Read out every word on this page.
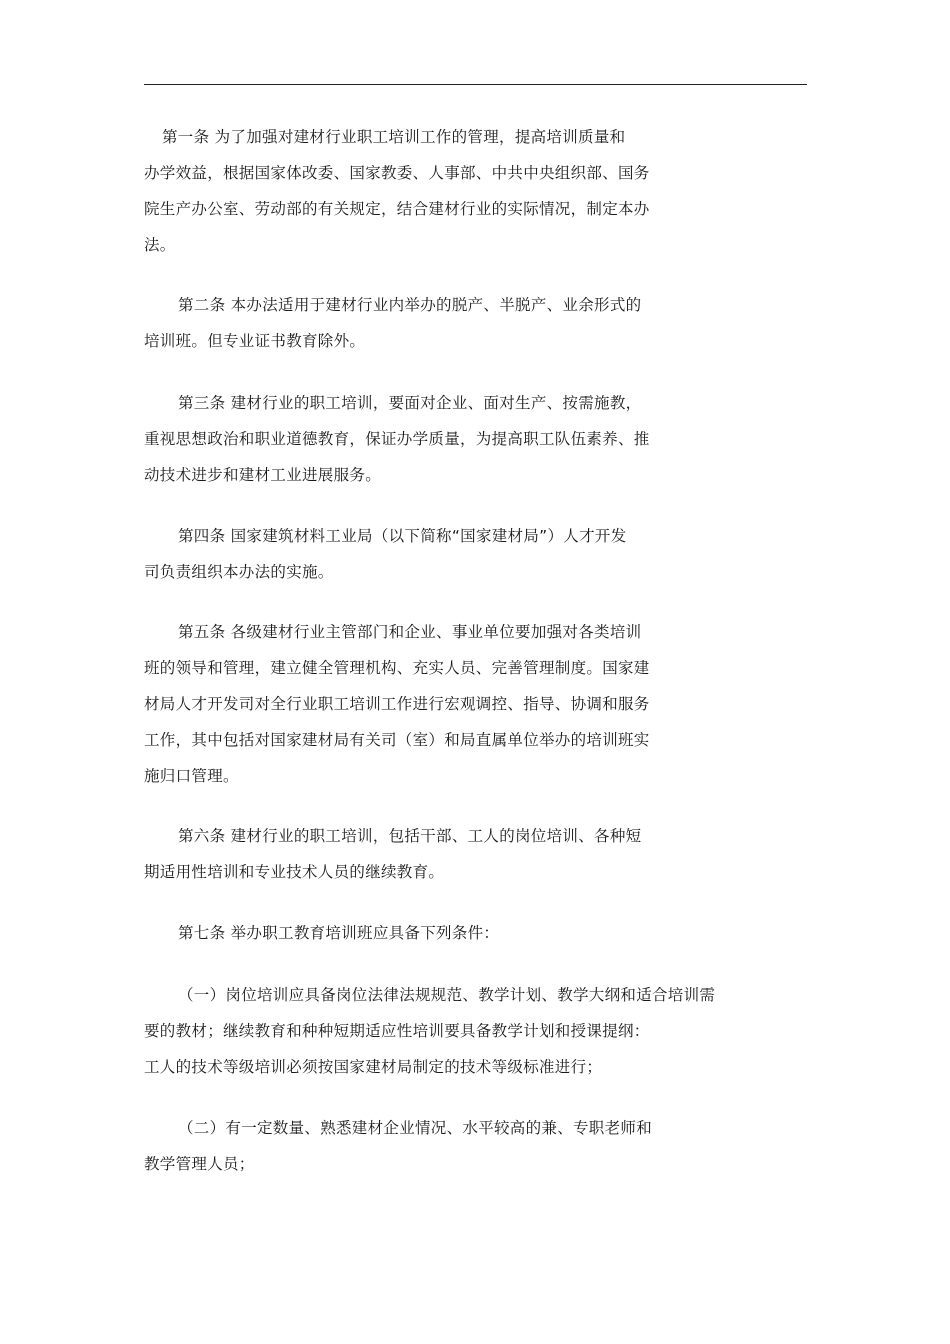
第一条 为了加强对建材行业职工培训工作的管理，提高培训质量和
办学效益，根据国家体改委、国家教委、人事部、中共中央组织部、国务
院生产办公室、劳动部的有关规定，结合建材行业的实际情况，制定本办
法。
第二条 本办法适用于建材行业内举办的脱产、半脱产、业余形式的
培训班。但专业证书教育除外。
第三条 建材行业的职工培训，要面对企业、面对生产、按需施教，
重视思想政治和职业道德教育，保证办学质量，为提高职工队伍素养、推
动技术进步和建材工业进展服务。
第四条 国家建筑材料工业局（以下简称“国家建材局”）人才开发
司负责组织本办法的实施。
第五条 各级建材行业主管部门和企业、事业单位要加强对各类培训
班的领导和管理，建立健全管理机构、充实人员、完善管理制度。国家建
材局人才开发司对全行业职工培训工作进行宏观调控、指导、协调和服务
工作，其中包括对国家建材局有关司（室）和局直属单位举办的培训班实
施归口管理。
第六条 建材行业的职工培训，包括干部、工人的岗位培训、各种短
期适用性培训和专业技术人员的继续教育。
第七条 举办职工教育培训班应具备下列条件：
（一）岗位培训应具备岗位法律法规规范、教学计划、教学大纲和适合培训需
要的教材；继续教育和种种短期适应性培训要具备教学计划和授课提纲：
工人的技术等级培训必须按国家建材局制定的技术等级标准进行；
（二）有一定数量、熟悉建材企业情况、水平较高的兼、专职老师和
教学管理人员；
